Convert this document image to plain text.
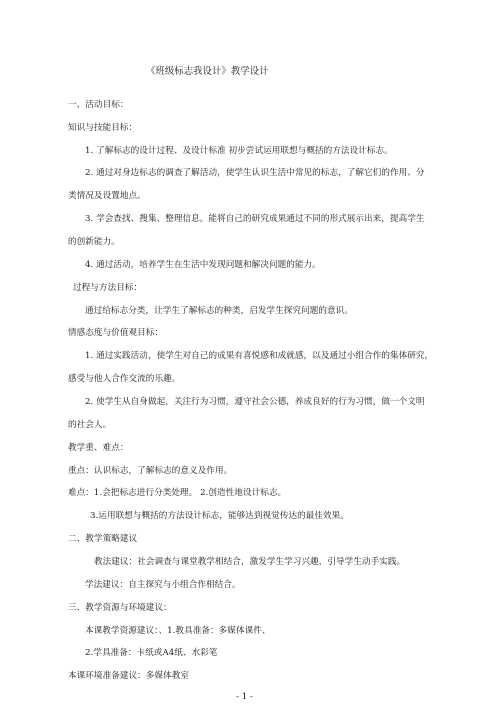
《班级标志我设计》教学设计
一、活动目标：
知识与技能目标：
1. 了解标志的设计过程、及设计标准 初步尝试运用联想与概括的方法设计标志。
2. 通过对身边标志的调查了解活动，使学生认识生活中常见的标志，了解它们的作用、分
类情况及设置地点。
3. 学会查找、搜集、整理信息。能将自己的研究成果通过不同的形式展示出来，提高学生
的创新能力。
4. 通过活动，培养学生在生活中发现问题和解决问题的能力。
过程与方法目标：
通过给标志分类，让学生了解标志的种类，启发学生探究问题的意识。
情感态度与价值观目标：
1. 通过实践活动，使学生对自己的成果有喜悦感和成就感，以及通过小组合作的集体研究，
感受与他人合作交流的乐趣。
2. 使学生从自身做起，关注行为习惯，遵守社会公德，养成良好的行为习惯，做一个文明
的社会人。
教学重、难点：
重点：认识标志，了解标志的意义及作用。
难点：1.会把标志进行分类处理。 2.创造性地设计标志。
3.运用联想与概括的方法设计标志，能够达到视觉传达的最佳效果。
二、教学策略建议
教法建议：社会调查与课堂教学相结合，激发学生学习兴趣，引导学生动手实践。
学法建议：自主探究与小组合作相结合。
三、教学资源与环境建议：
本课教学资源建议：、1.教具准备：多媒体课件、
2.学具准备：卡纸或A4纸、水彩笔
本课环境准备建议：多媒体教室
- 1 -
